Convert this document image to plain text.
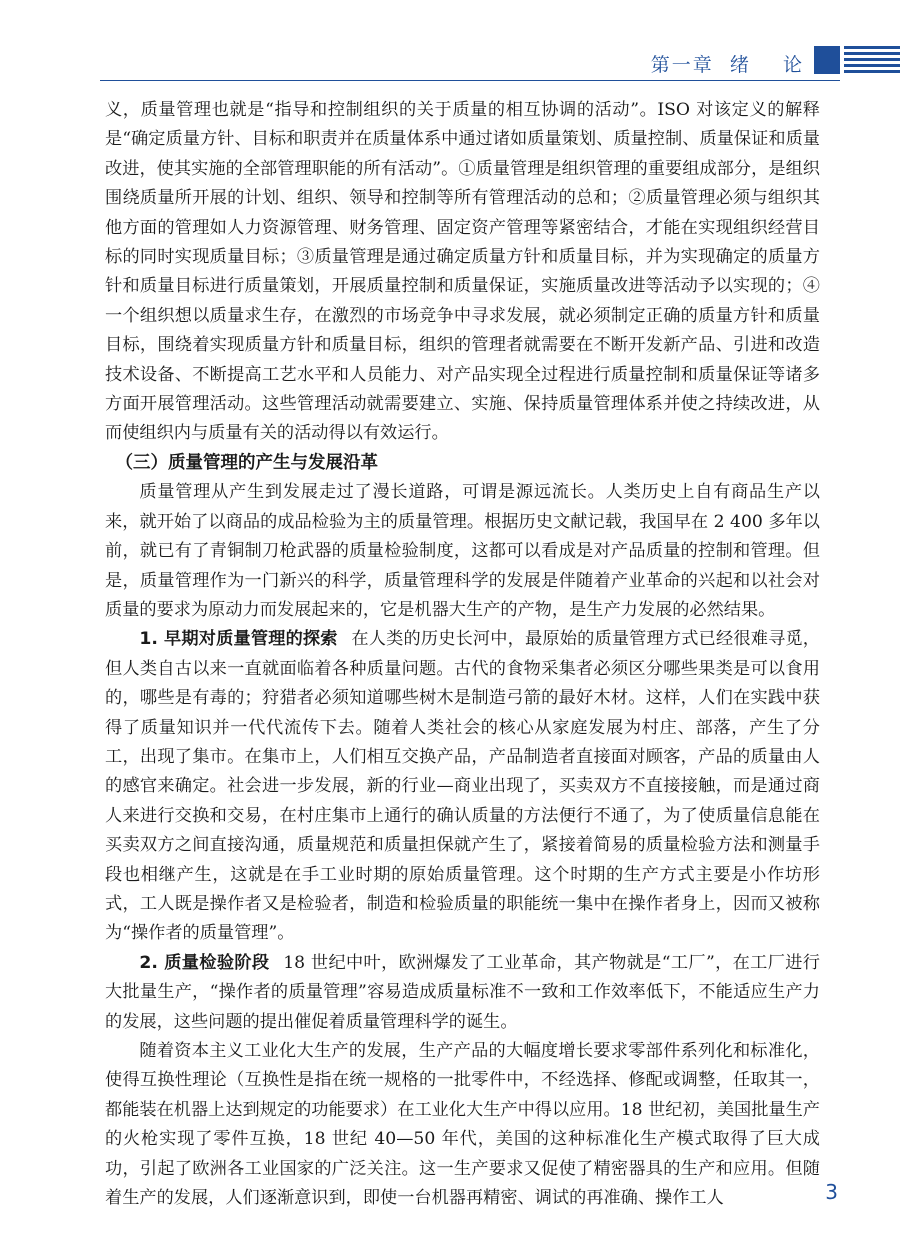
第一章  绪    论

义，质量管理也就是“指导和控制组织的关于质量的相互协调的活动”。ISO 对该定义的解释是“确定质量方针、目标和职责并在质量体系中通过诸如质量策划、质量控制、质量保证和质量改进，使其实施的全部管理职能的所有活动”。①质量管理是组织管理的重要组成部分，是组织围绕质量所开展的计划、组织、领导和控制等所有管理活动的总和；②质量管理必须与组织其他方面的管理如人力资源管理、财务管理、固定资产管理等紧密结合，才能在实现组织经营目标的同时实现质量目标；③质量管理是通过确定质量方针和质量目标，并为实现确定的质量方针和质量目标进行质量策划，开展质量控制和质量保证，实施质量改进等活动予以实现的；④一个组织想以质量求生存，在激烈的市场竞争中寻求发展，就必须制定正确的质量方针和质量目标，围绕着实现质量方针和质量目标，组织的管理者就需要在不断开发新产品、引进和改造技术设备、不断提高工艺水平和人员能力、对产品实现全过程进行质量控制和质量保证等诸多方面开展管理活动。这些管理活动就需要建立、实施、保持质量管理体系并使之持续改进，从而使组织内与质量有关的活动得以有效运行。

（三）质量管理的产生与发展沿革

质量管理从产生到发展走过了漫长道路，可谓是源远流长。人类历史上自有商品生产以来，就开始了以商品的成品检验为主的质量管理。根据历史文献记载，我国早在 2 400 多年以前，就已有了青铜制刀枪武器的质量检验制度，这都可以看成是对产品质量的控制和管理。但是，质量管理作为一门新兴的科学，质量管理科学的发展是伴随着产业革命的兴起和以社会对质量的要求为原动力而发展起来的，它是机器大生产的产物，是生产力发展的必然结果。

1. 早期对质量管理的探索 在人类的历史长河中，最原始的质量管理方式已经很难寻觅，但人类自古以来一直就面临着各种质量问题。古代的食物采集者必须区分哪些果类是可以食用的，哪些是有毒的；狩猎者必须知道哪些树木是制造弓箭的最好木材。这样，人们在实践中获得了质量知识并一代代流传下去。随着人类社会的核心从家庭发展为村庄、部落，产生了分工，出现了集市。在集市上，人们相互交换产品，产品制造者直接面对顾客，产品的质量由人的感官来确定。社会进一步发展，新的行业—商业出现了，买卖双方不直接接触，而是通过商人来进行交换和交易，在村庄集市上通行的确认质量的方法便行不通了，为了使质量信息能在买卖双方之间直接沟通，质量规范和质量担保就产生了，紧接着简易的质量检验方法和测量手段也相继产生，这就是在手工业时期的原始质量管理。这个时期的生产方式主要是小作坊形式，工人既是操作者又是检验者，制造和检验质量的职能统一集中在操作者身上，因而又被称为“操作者的质量管理”。

2. 质量检验阶段 18 世纪中叶，欧洲爆发了工业革命，其产物就是“工厂”，在工厂进行大批量生产，“操作者的质量管理”容易造成质量标准不一致和工作效率低下，不能适应生产力的发展，这些问题的提出催促着质量管理科学的诞生。

随着资本主义工业化大生产的发展，生产产品的大幅度增长要求零部件系列化和标准化，使得互换性理论（互换性是指在统一规格的一批零件中，不经选择、修配或调整，任取其一，都能装在机器上达到规定的功能要求）在工业化大生产中得以应用。18 世纪初，美国批量生产的火枪实现了零件互换，18 世纪 40—50 年代，美国的这种标准化生产模式取得了巨大成功，引起了欧洲各工业国家的广泛关注。这一生产要求又促使了精密器具的生产和应用。但随着生产的发展，人们逐渐意识到，即使一台机器再精密、调试的再准确、操作工人	3
